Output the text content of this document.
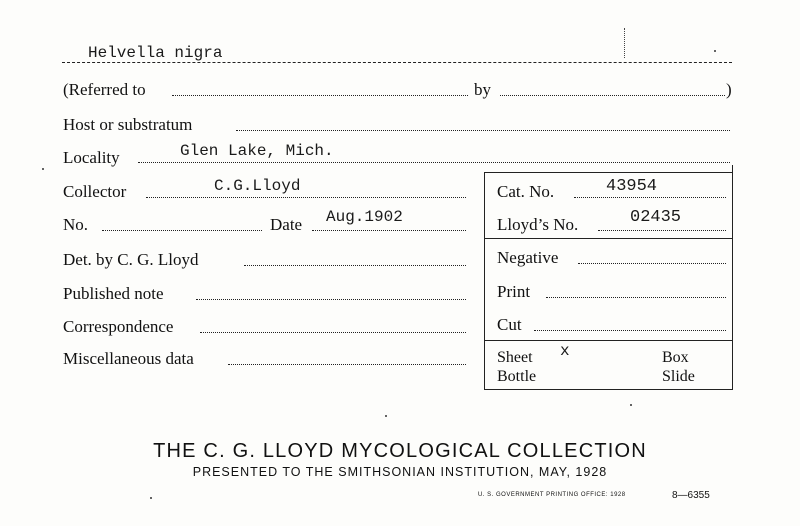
Helvella nigra
(Referred to	by	)
Host or substratum
Locality	Glen Lake, Mich.
Collector	C.G.Lloyd	Cat. No.	43954
No.	Date Aug.1902	Lloyd’s No.	02435
Det. by C. G. Lloyd	Negative
Published note	Print
Correspondence	Cut
Miscellaneous data	Sheet x	Box
Bottle	Slide
THE C. G. LLOYD MYCOLOGICAL COLLECTION
PRESENTED TO THE SMITHSONIAN INSTITUTION, MAY, 1928
U. S. GOVERNMENT PRINTING OFFICE: 1928	8—6355
